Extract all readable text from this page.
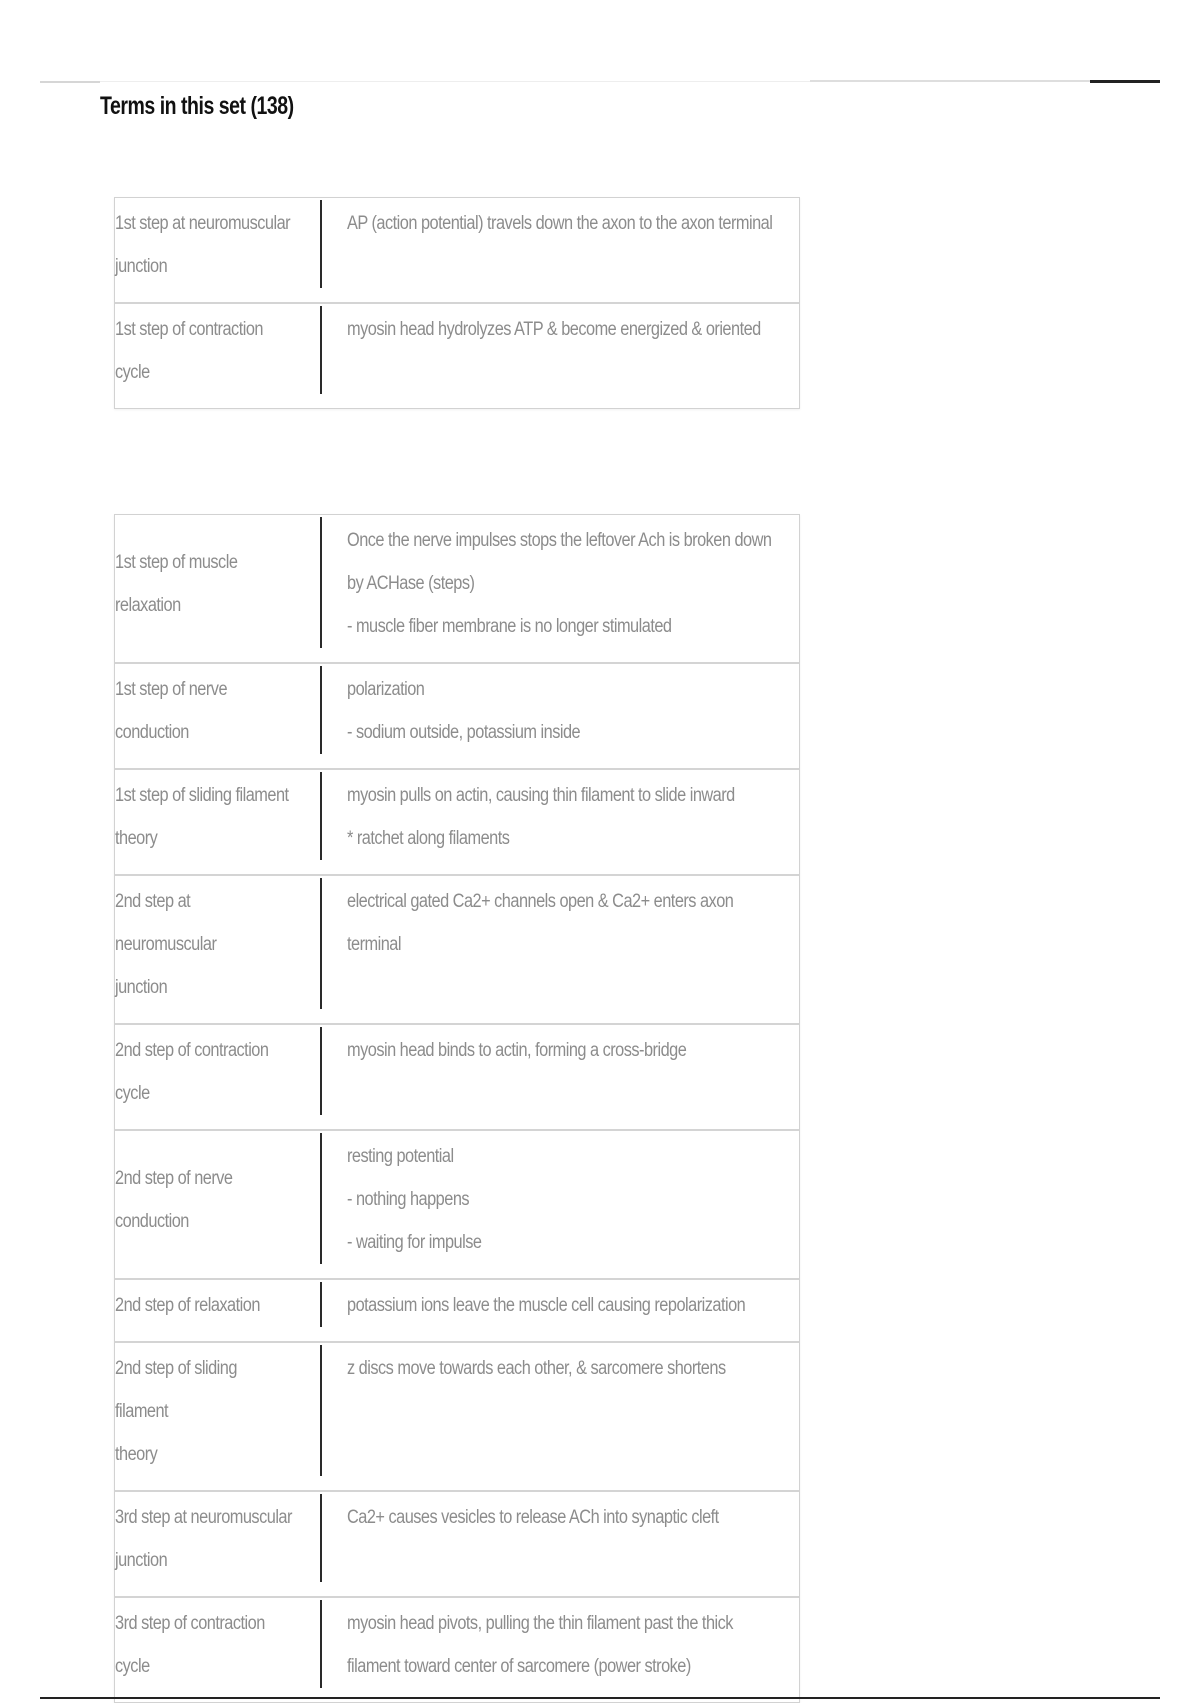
Terms in this set (138)
1st step at neuromuscular
junction
AP (action potential) travels down the axon to the axon terminal
1st step of contraction cycle
myosin head hydrolyzes ATP & become energized & oriented
1st step of muscle relaxation
Once the nerve impulses stops the leftover Ach is broken down
by ACHase (steps)
- muscle fiber membrane is no longer stimulated
1st step of nerve conduction
polarization
- sodium outside, potassium inside
1st step of sliding filament
theory
myosin pulls on actin, causing thin filament to slide inward
* ratchet along filaments
2nd step at neuromuscular
junction
electrical gated Ca2+ channels open & Ca2+ enters axon
terminal
2nd step of contraction cycle
myosin head binds to actin, forming a cross-bridge
2nd step of nerve conduction
resting potential
- nothing happens
- waiting for impulse
2nd step of relaxation	potassium ions leave the muscle cell causing repolarization
2nd step of sliding filament
theory
z discs move towards each other, & sarcomere shortens
3rd step at neuromuscular
junction
Ca2+ causes vesicles to release ACh into synaptic cleft
3rd step of contraction cycle
myosin head pivots, pulling the thin filament past the thick
filament toward center of sarcomere (power stroke)
